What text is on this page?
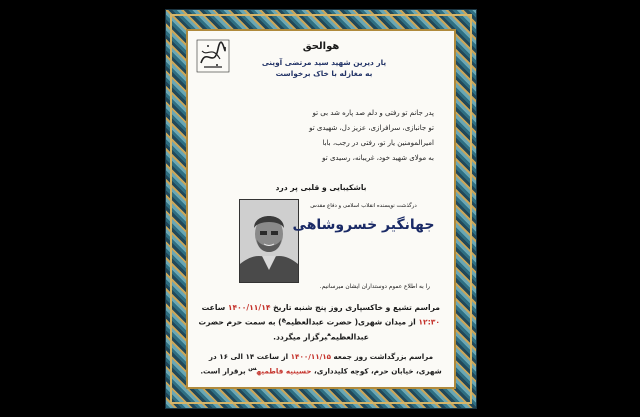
هوالحق
یار دیرین شهید سید مرتضی آوینی
به مغازله با خاک برخواست
پدر جانم تو رفتی و دلم صد پاره شد بی تو
تو جانبازی، سرافرازی، عزیز دل، شهیدی تو
امیرالمومنین یار تو، رفتی در رجب، بابا
به مولای شهید خود، غریبانه، رسیدی تو
باشکیبایی و قلبی پر درد
درگذشت نویسنده انقلاب اسلامی و دفاع مقدس
جهانگیر خسروشاهی
را به اطلاع عموم دوستداران ایشان میرسانیم.
مراسم تشیع و خاکسپاری روز پنج شنبه تاریخ ۱۴۰۰/۱۱/۱۴ ساعت
۱۲:۳۰ از میدان شهری( حضرت عبدالعظیم$^ع$) به سمت حرم حضرت
عبدالعظیم$^ع$برگزار میگردد.
مراسم بزرگداشت روز جمعه ۱۴۰۰/۱۱/۱۵ از ساعت ۱۴ الی ۱۶ در
شهری، خیابان حرم، کوچه کلیدداری، حسینیه فاطمیه$^س$ برقرار است.
